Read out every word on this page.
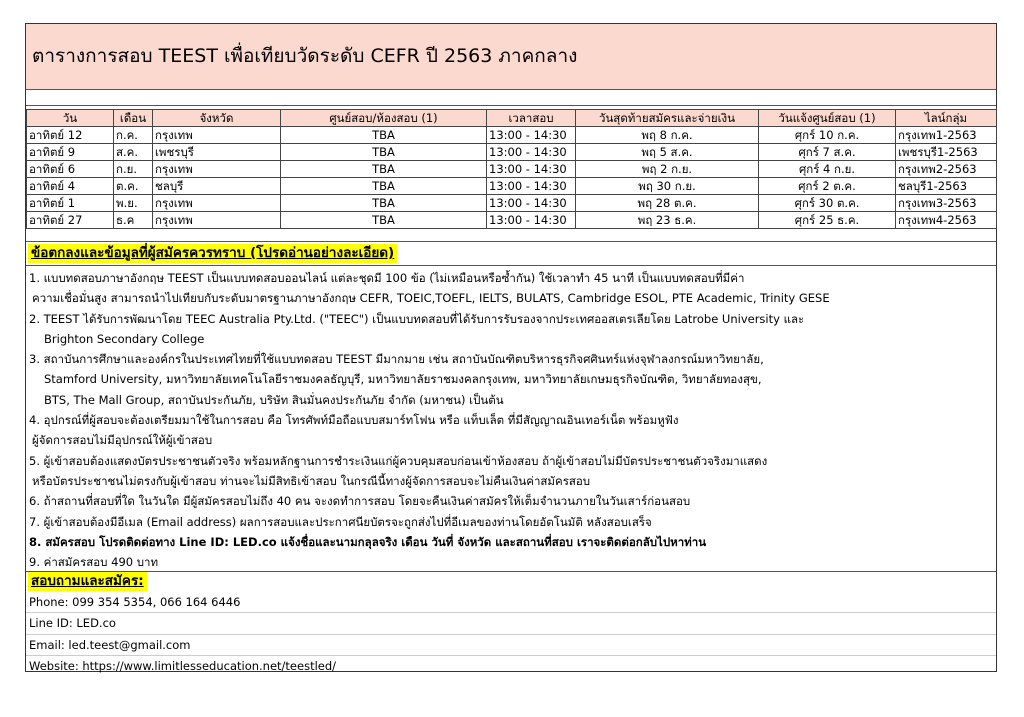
ตารางการสอบ TEEST เพื่อเทียบวัดระดับ CEFR ปี 2563 ภาคกลาง
วัน	เดือน	จังหวัด	ศูนย์สอบ/ห้องสอบ (1)	เวลาสอบ	วันสุดท้ายสมัครและจ่ายเงิน	วันแจ้งศูนย์สอบ (1)	ไลน์กลุ่ม
อาทิตย์ 12	ก.ค.	กรุงเทพ	TBA	13:00 - 14:30	พฤ 8 ก.ค.	ศุกร์ 10 ก.ค.	กรุงเทพ1-2563
อาทิตย์ 9	ส.ค.	เพชรบุรี	TBA	13:00 - 14:30	พฤ 5 ส.ค.	ศุกร์ 7 ส.ค.	เพชรบุรี1-2563
อาทิตย์ 6	ก.ย.	กรุงเทพ	TBA	13:00 - 14:30	พฤ 2 ก.ย.	ศุกร์ 4 ก.ย.	กรุงเทพ2-2563
อาทิตย์ 4	ต.ค.	ชลบุรี	TBA	13:00 - 14:30	พฤ 30 ก.ย.	ศุกร์ 2 ต.ค.	ชลบุรี1-2563
อาทิตย์ 1	พ.ย.	กรุงเทพ	TBA	13:00 - 14:30	พฤ 28 ต.ค.	ศุกร์ 30 ต.ค.	กรุงเทพ3-2563
อาทิตย์ 27	ธ.ค	กรุงเทพ	TBA	13:00 - 14:30	พฤ 23 ธ.ค.	ศุกร์ 25 ธ.ค.	กรุงเทพ4-2563
ข้อตกลงและข้อมูลที่ผู้สมัครควรทราบ (โปรดอ่านอย่างละเอียด)
1. แบบทดสอบภาษาอังกฤษ TEEST เป็นแบบทดสอบออนไลน์ แต่ละชุดมี 100 ข้อ (ไม่เหมือนหรือซ้ำกัน) ใช้เวลาทำ 45 นาที เป็นแบบทดสอบที่มีค่า
ความเชื่อมั่นสูง สามารถนำไปเทียบกับระดับมาตรฐานภาษาอังกฤษ CEFR, TOEIC,TOEFL, IELTS, BULATS, Cambridge ESOL, PTE Academic, Trinity GESE
2. TEEST ได้รับการพัฒนาโดย TEEC Australia Pty.Ltd. ("TEEC") เป็นแบบทดสอบที่ได้รับการรับรองจากประเทศออสเตรเลียโดย Latrobe University และ
Brighton Secondary College
3. สถาบันการศึกษาและองค์กรในประเทศไทยที่ใช้แบบทดสอบ TEEST มีมากมาย เช่น สถาบันบัณฑิตบริหารธุรกิจศศินทร์แห่งจุฬาลงกรณ์มหาวิทยาลัย,
Stamford University, มหาวิทยาลัยเทคโนโลยีราชมงคลธัญบุรี, มหาวิทยาลัยราชมงคลกรุงเทพ, มหาวิทยาลัยเกษมธุรกิจบัณฑิต, วิทยาลัยทองสุข,
BTS, The Mall Group, สถาบันประกันภัย, บริษัท สินมั่นคงประกันภัย จำกัด (มหาชน) เป็นต้น
4. อุปกรณ์ที่ผู้สอบจะต้องเตรียมมาใช้ในการสอบ คือ โทรศัพท์มือถือแบบสมาร์ทโฟน หรือ แท็บเล็ต ที่มีสัญญาณอินเทอร์เน็ต พร้อมหูฟัง
ผู้จัดการสอบไม่มีอุปกรณ์ให้ผู้เข้าสอบ
5. ผู้เข้าสอบต้องแสดงบัตรประชาชนตัวจริง พร้อมหลักฐานการชำระเงินแก่ผู้ควบคุมสอบก่อนเข้าห้องสอบ ถ้าผู้เข้าสอบไม่มีบัตรประชาชนตัวจริงมาแสดง
หรือบัตรประชาชนไม่ตรงกับผู้เข้าสอบ ท่านจะไม่มีสิทธิเข้าสอบ ในกรณีนี้ทางผู้จัดการสอบจะไม่คืนเงินค่าสมัครสอบ
6. ถ้าสถานที่สอบที่ใด ในวันใด มีผู้สมัครสอบไม่ถึง 40 คน จะงดทำการสอบ โดยจะคืนเงินค่าสมัครให้เต็มจำนวนภายในวันเสาร์ก่อนสอบ
7. ผู้เข้าสอบต้องมีอีเมล (Email address) ผลการสอบและประกาศนียบัตรจะถูกส่งไปที่อีเมลของท่านโดยอัตโนมัติ หลังสอบเสร็จ
8. สมัครสอบ โปรดติดต่อทาง Line ID: LED.co แจ้งชื่อและนามกลุลจริง เดือน วันที่ จังหวัด และสถานที่สอบ เราจะติดต่อกลับไปหาท่าน
9. ค่าสมัครสอบ 490 บาท
สอบถามและสมัคร:
Phone: 099 354 5354, 066 164 6446
Line ID: LED.co
Email: led.teest@gmail.com
Website: https://www.limitlesseducation.net/teestled/
